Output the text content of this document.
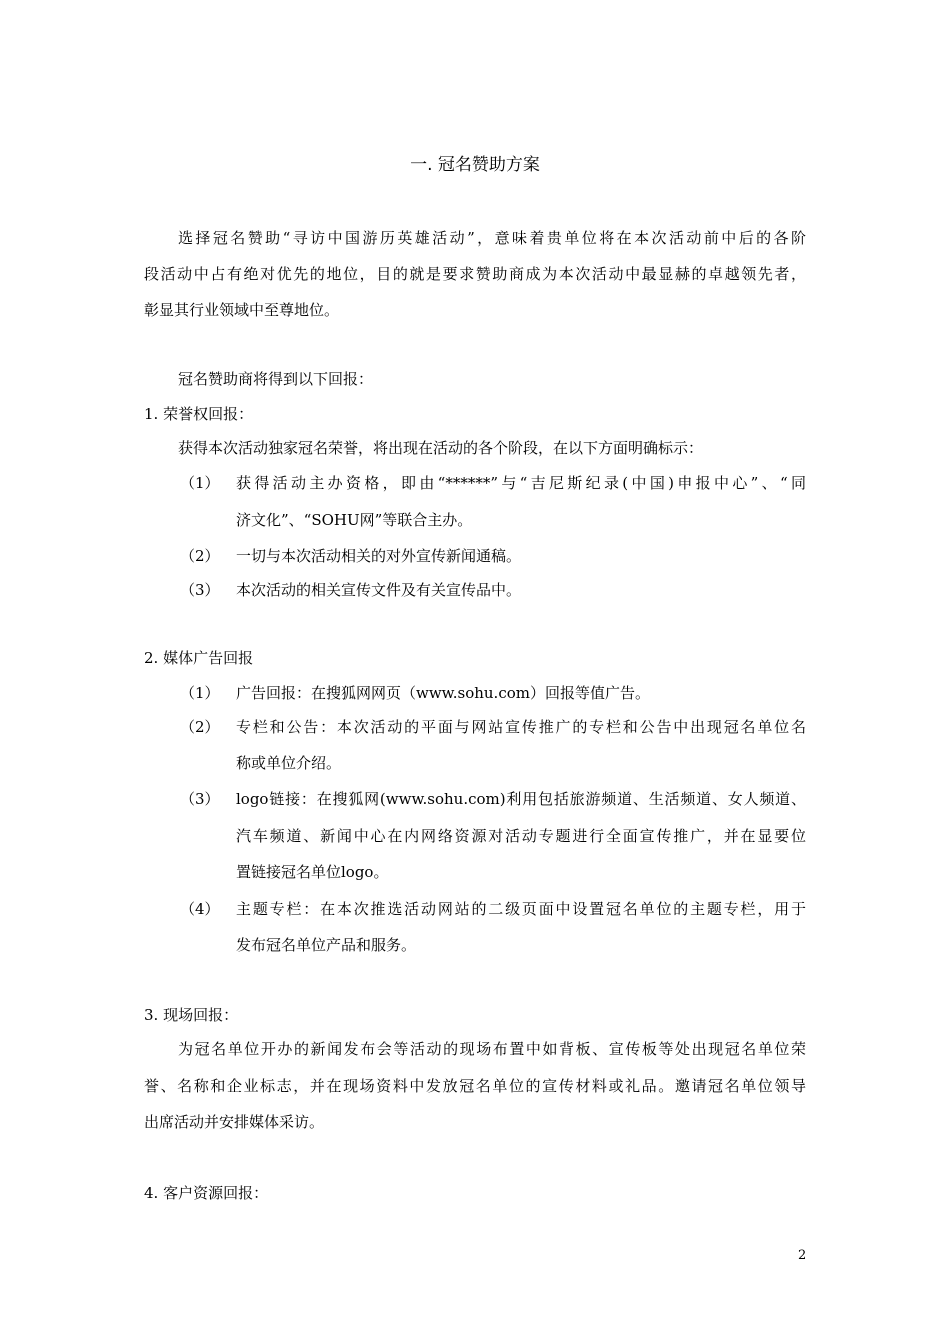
一. 冠名赞助方案
选择冠名赞助“寻访中国游历英雄活动”，意味着贵单位将在本次活动前中后的各阶
段活动中占有绝对优先的地位，目的就是要求赞助商成为本次活动中最显赫的卓越领先者，
彰显其行业领域中至尊地位。
冠名赞助商将得到以下回报：
1. 荣誉权回报：
获得本次活动独家冠名荣誉，将出现在活动的各个阶段，在以下方面明确标示：
（1） 获得活动主办资格，即由“******”与“吉尼斯纪录(中国)申报中心”、“同
济文化”、“SOHU网”等联合主办。
（2） 一切与本次活动相关的对外宣传新闻通稿。
（3） 本次活动的相关宣传文件及有关宣传品中。
2. 媒体广告回报
（1） 广告回报：在搜狐网网页（www.sohu.com）回报等值广告。
（2） 专栏和公告：本次活动的平面与网站宣传推广的专栏和公告中出现冠名单位名
称或单位介绍。
（3） logo链接：在搜狐网(www.sohu.com)利用包括旅游频道、生活频道、女人频道、
汽车频道、新闻中心在内网络资源对活动专题进行全面宣传推广，并在显要位
置链接冠名单位logo。
（4） 主题专栏：在本次推选活动网站的二级页面中设置冠名单位的主题专栏，用于
发布冠名单位产品和服务。
3. 现场回报：
为冠名单位开办的新闻发布会等活动的现场布置中如背板、宣传板等处出现冠名单位荣
誉、名称和企业标志，并在现场资料中发放冠名单位的宣传材料或礼品。邀请冠名单位领导
出席活动并安排媒体采访。
4. 客户资源回报：
2
